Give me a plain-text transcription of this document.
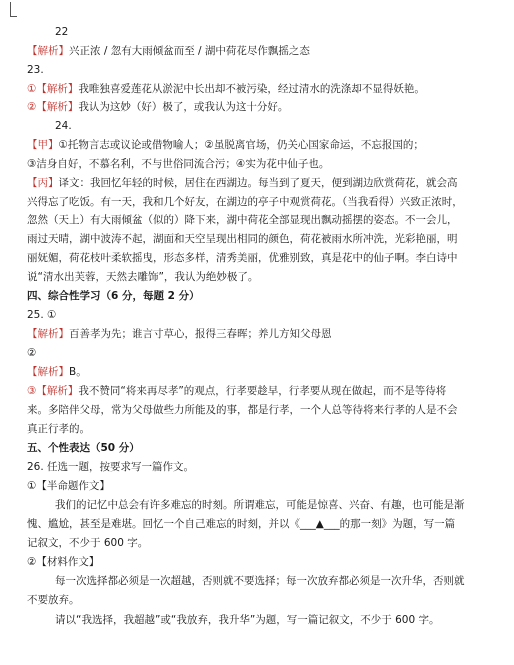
22
【解析】兴正浓 / 忽有大雨倾盆而至 / 湖中荷花尽作飘摇之态
23.
①【解析】我唯独喜爱莲花从淤泥中长出却不被污染，经过清水的洗涤却不显得妖艳。
②【解析】我认为这妙（好）极了，或我认为这十分好。
24.
【甲】①托物言志或议论或借物喻人；②虽脱离官场，仍关心国家命运，不忘报国的；
③洁身自好，不慕名利，不与世俗同流合污；④实为花中仙子也。
【丙】译文：我回忆年轻的时候，居住在西湖边。每当到了夏天，便到湖边欣赏荷花，就会高
兴得忘了吃饭。有一天，我和几个好友，在湖边的亭子中观赏荷花。（当我看得）兴致正浓时，
忽然（天上）有大雨倾盆（似的）降下来，湖中荷花全部显现出飘动摇摆的姿态。不一会儿，
雨过天晴，湖中波涛不起，湖面和天空呈现出相同的颜色，荷花被雨水所冲洗，光彩艳丽，明
丽妩媚，荷花枝叶柔软摇曳，形态多样，清秀美丽，优雅别致，真是花中的仙子啊。李白诗中
说“清水出芙蓉，天然去雕饰”，我认为绝妙极了。
四、综合性学习（6 分，每题 2 分）
25. ①
【解析】百善孝为先；谁言寸草心，报得三春晖；养儿方知父母恩
②
【解析】B。
③【解析】我不赞同“将来再尽孝”的观点，行孝要趁早，行孝要从现在做起，而不是等待将
来。多陪伴父母，常为父母做些力所能及的事，都是行孝，一个人总等待将来行孝的人是不会
真正行孝的。
五、个性表达（50 分）
26. 任选一题，按要求写一篇作文。
①【半命题作文】
我们的记忆中总会有许多难忘的时刻。所谓难忘，可能是惊喜、兴奋、有趣，也可能是渐
愧、尴尬，甚至是难堪。回忆一个自己难忘的时刻，并以《___▲___的那一刻》为题，写一篇
记叙文，不少于 600 字。
②【材料作文】
每一次选择都必须是一次超越，否则就不要选择；每一次放弃都必须是一次升华，否则就
不要放弃。
请以“我选择，我超越”或“我放弃，我升华”为题，写一篇记叙文，不少于 600 字。
